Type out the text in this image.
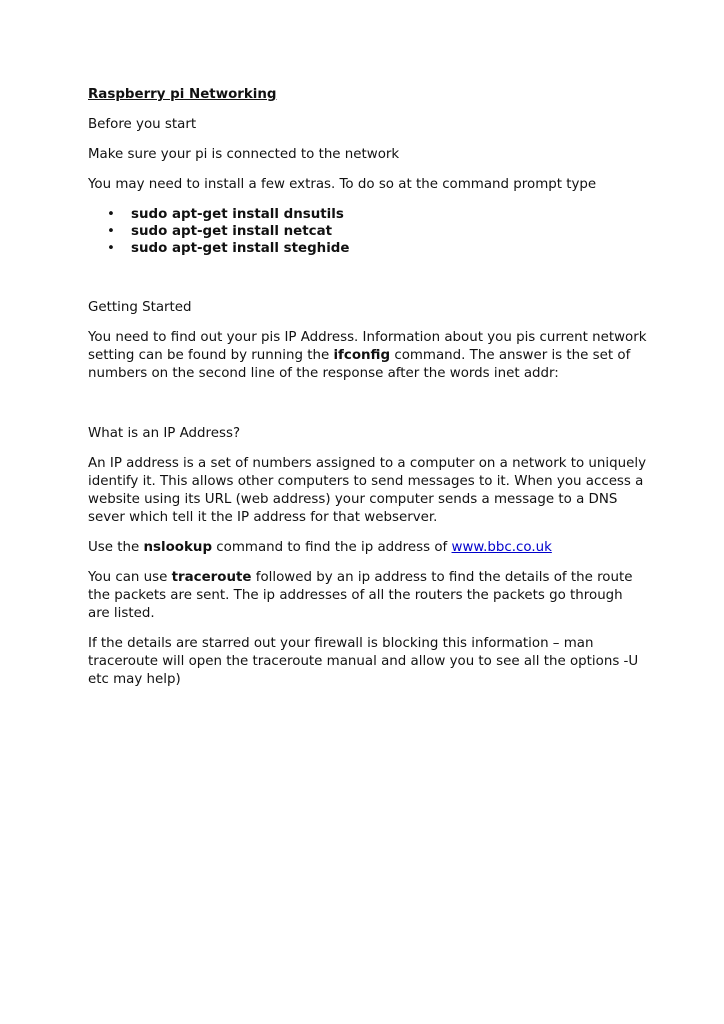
Raspberry pi Networking

Before you start

Make sure your pi is connected to the network

You may need to install a few extras. To do so at the command prompt type

• sudo apt-get install dnsutils
• sudo apt-get install netcat
• sudo apt-get install steghide

Getting Started

You need to find out your pis IP Address. Information about you pis current network setting can be found by running the ifconfig command. The answer is the set of numbers on the second line of the response after the words inet addr:

What is an IP Address?

An IP address is a set of numbers assigned to a computer on a network to uniquely identify it. This allows other computers to send messages to it. When you access a website using its URL (web address) your computer sends a message to a DNS sever which tell it the IP address for that webserver.

Use the nslookup command to find the ip address of www.bbc.co.uk

You can use traceroute followed by an ip address to find the details of the route the packets are sent. The ip addresses of all the routers the packets go through are listed.

If the details are starred out your firewall is blocking this information – man traceroute will open the traceroute manual and allow you to see all the options -U etc may help)
